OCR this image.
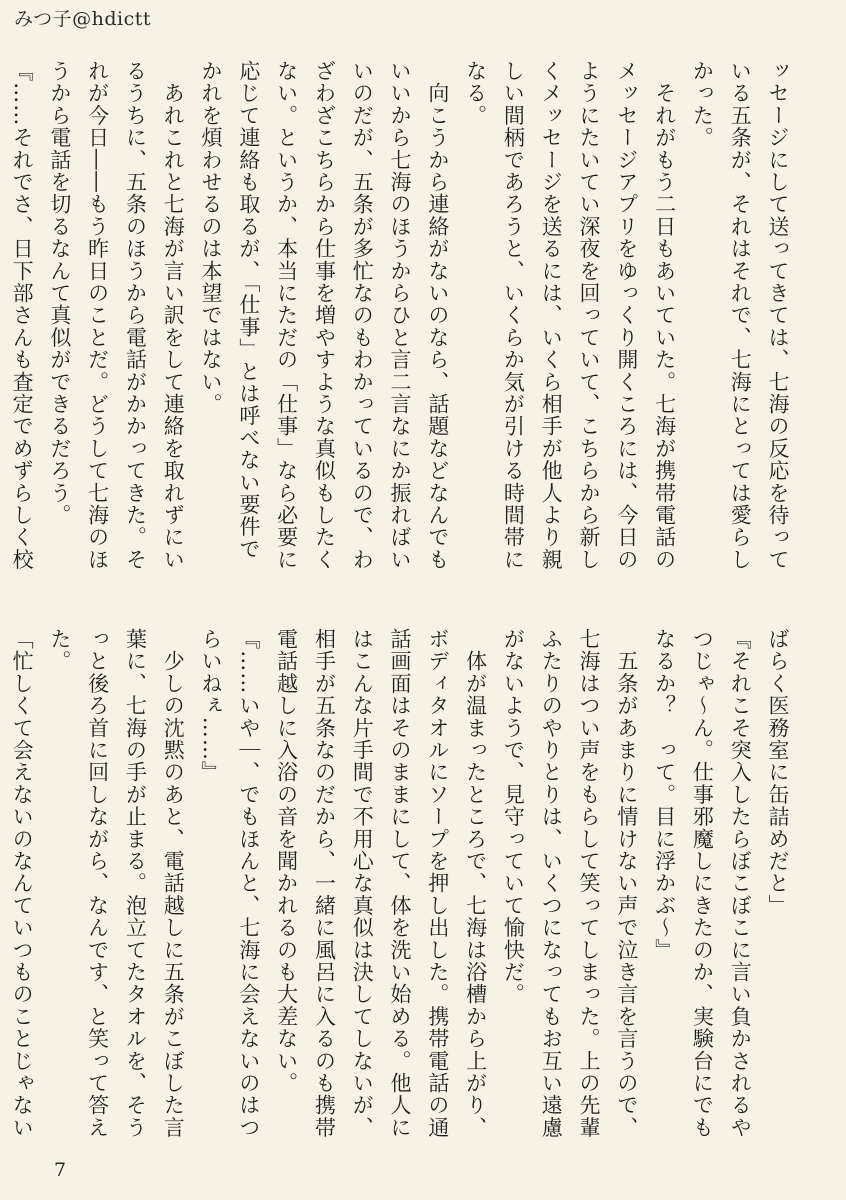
みつ子@hdictt
ッセージにして送ってきては、七海の反応を待って
いる五条が、それはそれで、七海にとっては愛らし
かった。
　それがもう二日もあいていた。七海が携帯電話の
メッセージアプリをゆっくり開くころには、今日の
ようにたいてい深夜を回っていて、こちらから新し
くメッセージを送るには、いくら相手が他人より親
しい間柄であろうと、いくらか気が引ける時間帯に
なる。
　向こうから連絡がないのなら、話題などなんでも
いいから七海のほうからひと言二言なにか振ればい
いのだが、五条が多忙なのもわかっているので、わ
ざわざこちらから仕事を増やすような真似もしたく
ない。というか、本当にただの「仕事」なら必要に
応じて連絡も取るが、「仕事」とは呼べない要件で
かれを煩わせるのは本望ではない。
　あれこれと七海が言い訳をして連絡を取れずにい
るうちに、五条のほうから電話がかかってきた。そ
れが今日――もう昨日のことだ。どうして七海のほ
うから電話を切るなんて真似ができるだろう。
『……それでさ、日下部さんも査定でめずらしく校
ばらく医務室に缶詰めだと」
『それこそ突入したらぼこぼこに言い負かされるや
つじゃ～ん。仕事邪魔しにきたのか、実験台にでも
なるか？　って。目に浮かぶ～』
　五条があまりに情けない声で泣き言を言うので、
七海はつい声をもらして笑ってしまった。上の先輩
ふたりのやりとりは、いくつになってもお互い遠慮
がないようで、見守っていて愉快だ。
　体が温まったところで、七海は浴槽から上がり、
ボディタオルにソープを押し出した。携帯電話の通
話画面はそのままにして、体を洗い始める。他人に
はこんな片手間で不用心な真似は決してしないが、
相手が五条なのだから、一緒に風呂に入るのも携帯
電話越しに入浴の音を聞かれるのも大差ない。
『……いや｜、でもほんと、七海に会えないのはつ
らいねぇ……』
　少しの沈黙のあと、電話越しに五条がこぼした言
葉に、七海の手が止まる。泡立てたタオルを、そう
っと後ろ首に回しながら、なんです、と笑って答え
た。
「忙しくて会えないのなんていつものことじゃない
7
